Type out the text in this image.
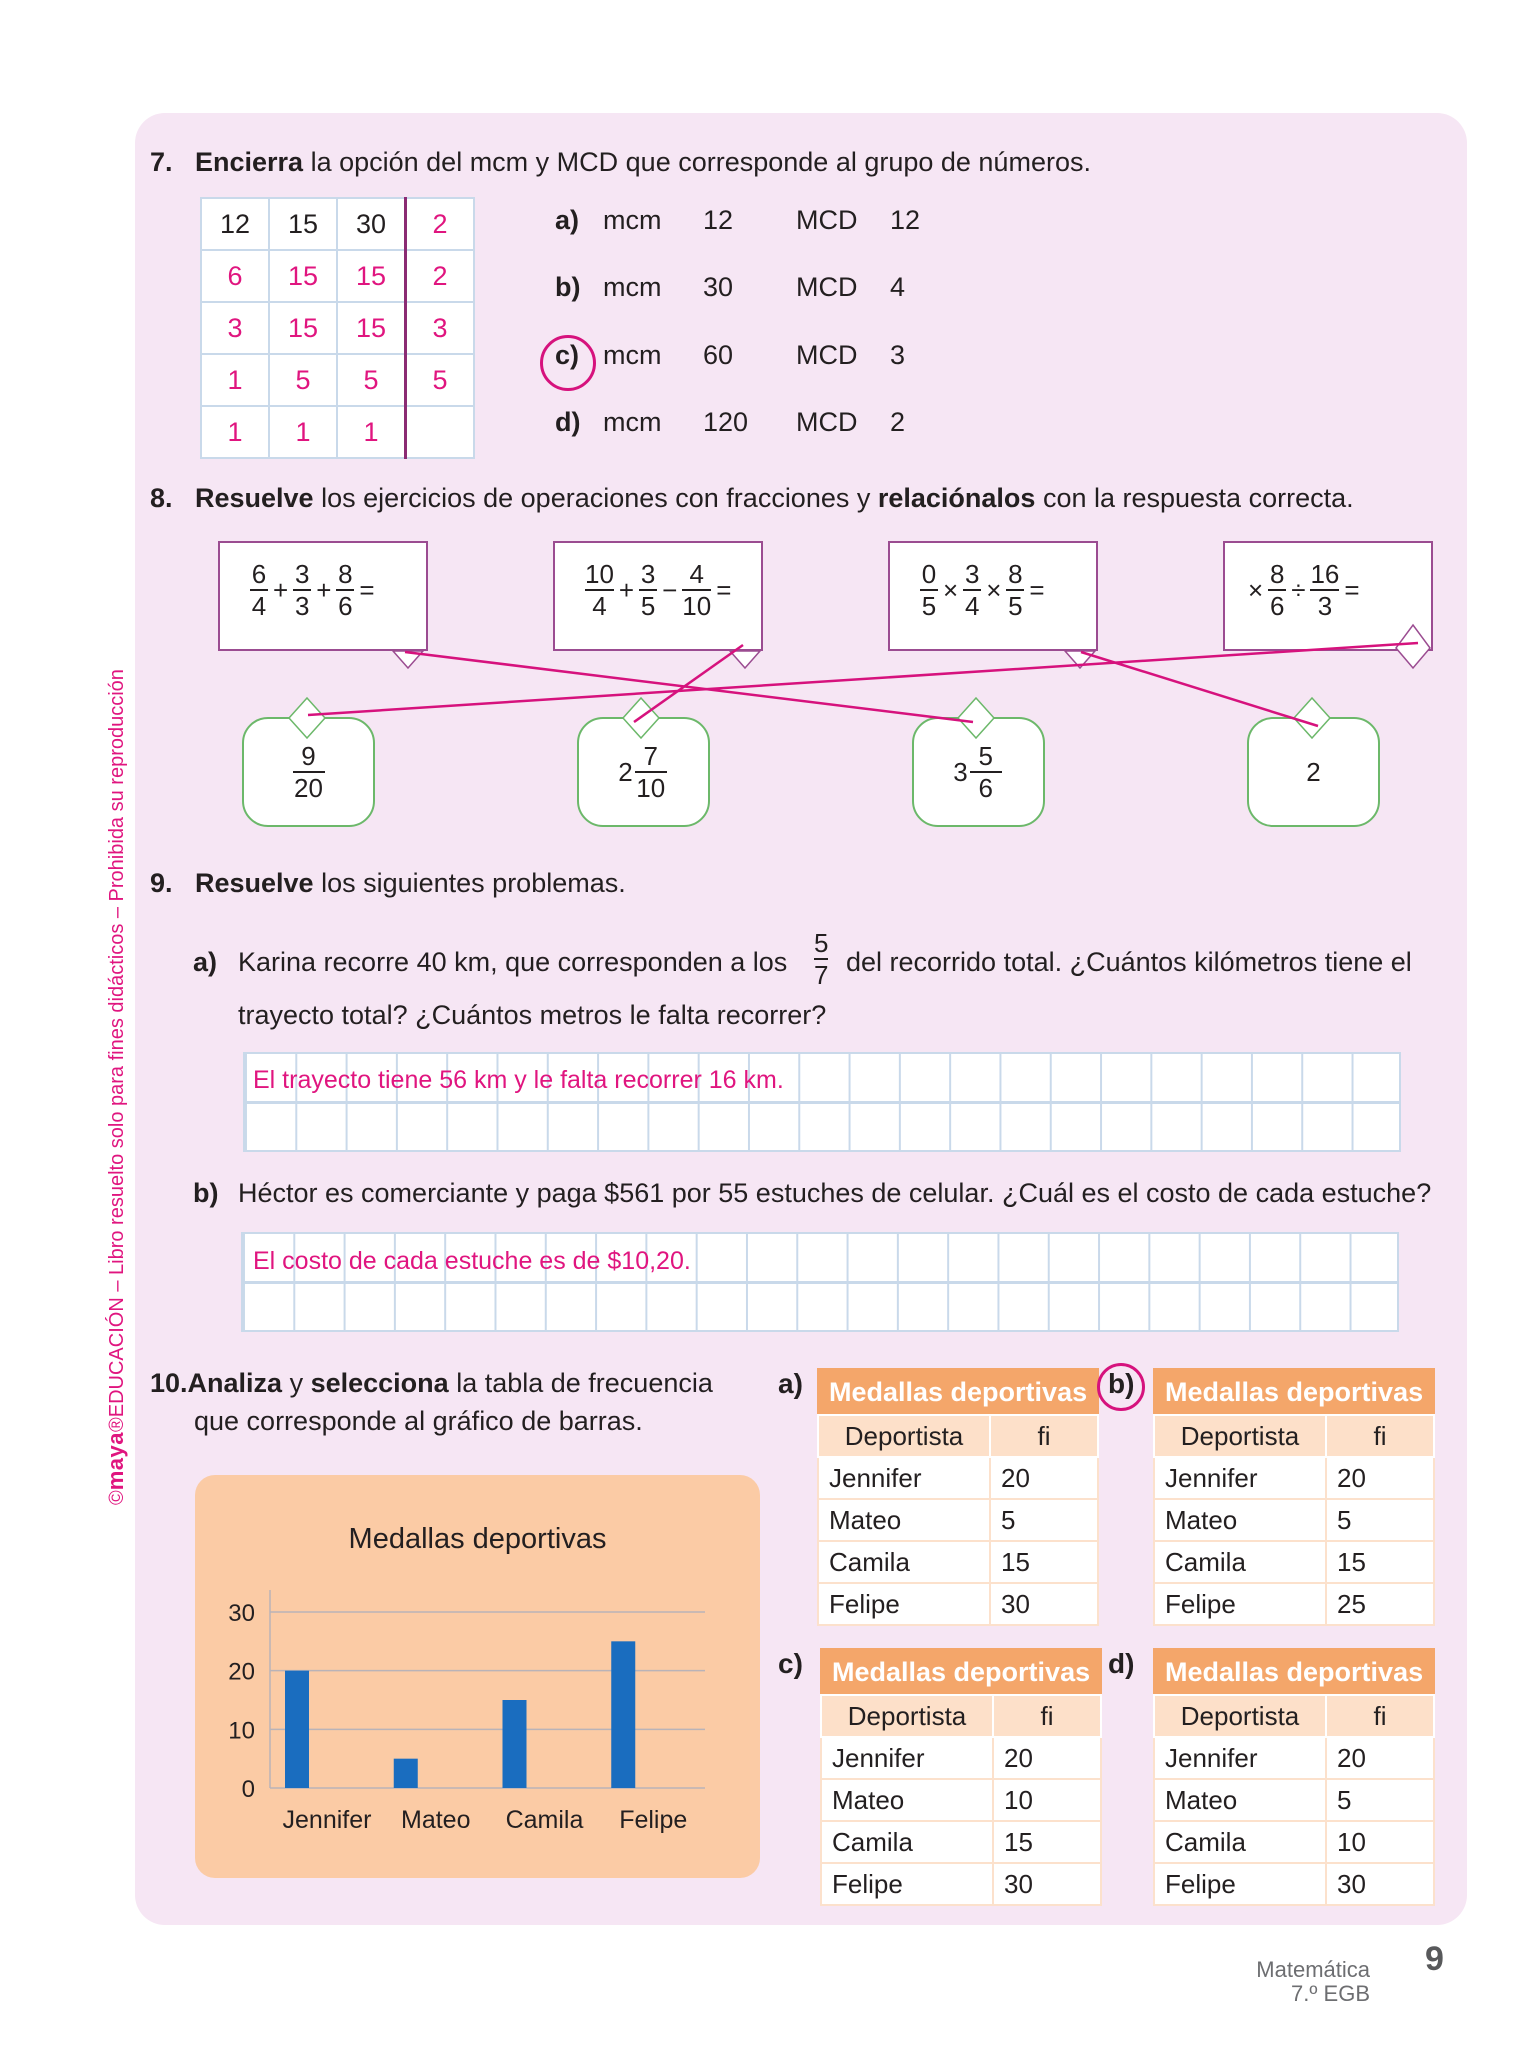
©maya®EDUCACIÓN – Libro resuelto solo para fines didácticos – Prohibida su reproducción
7. Encierra la opción del mcm y MCD que corresponde al grupo de números.
12	15	30	2
6	15	15	2
3	15	15	3
1	5	5	5
1	1	1	
a) mcm 12 MCD 12
b) mcm 30 MCD 4
c) mcm 60 MCD 3
d) mcm 120 MCD 2
8. Resuelve los ejercicios de operaciones con fracciones y relaciónalos con la respuesta correcta.
$\frac{6}{4} + \frac{3}{3} + \frac{8}{6}$ =	$\frac{10}{4} + \frac{3}{5} - \frac{4}{10}$ =	$\frac{0}{5} \times \frac{3}{4} \times \frac{8}{5}$ =	× $\frac{8}{6} \div \frac{16}{3}$ =
$\frac{9}{20}$	$2 \frac{7}{10}$	$3 \frac{5}{6}$	2
9. Resuelve los siguientes problemas.
a) Karina recorre 40 km, que corresponden a los
5
7 del recorrido total. ¿Cuántos kilómetros tiene el
trayecto total? ¿Cuántos metros le falta recorrer?
El trayecto tiene 56 km y le falta recorrer 16 km.
b) Héctor es comerciante y paga $561 por 55 estuches de celular. ¿Cuál es el costo de cada estuche?
El costo de cada estuche es de $10,20.
10.Analiza y selecciona la tabla de frecuencia
que corresponde al gráfico de barras.
Medallas deportivas
0
10
20
30
Jennifer Mateo Camila Felipe
a) Medallas deportivas	
Deportista	fi
Jennifer	20
Mateo	5
Camila	15
Felipe	30
b) Medallas deportivas	
Deportista	fi
Jennifer	20
Mateo	5
Camila	15
Felipe	25
c) Medallas deportivas	
Deportista	fi
Jennifer	20
Mateo	10
Camila	15
Felipe	30
d) Medallas deportivas	
Deportista	fi
Jennifer	20
Mateo	5
Camila	10
Felipe	30
Matemática
7.º EGB
9
